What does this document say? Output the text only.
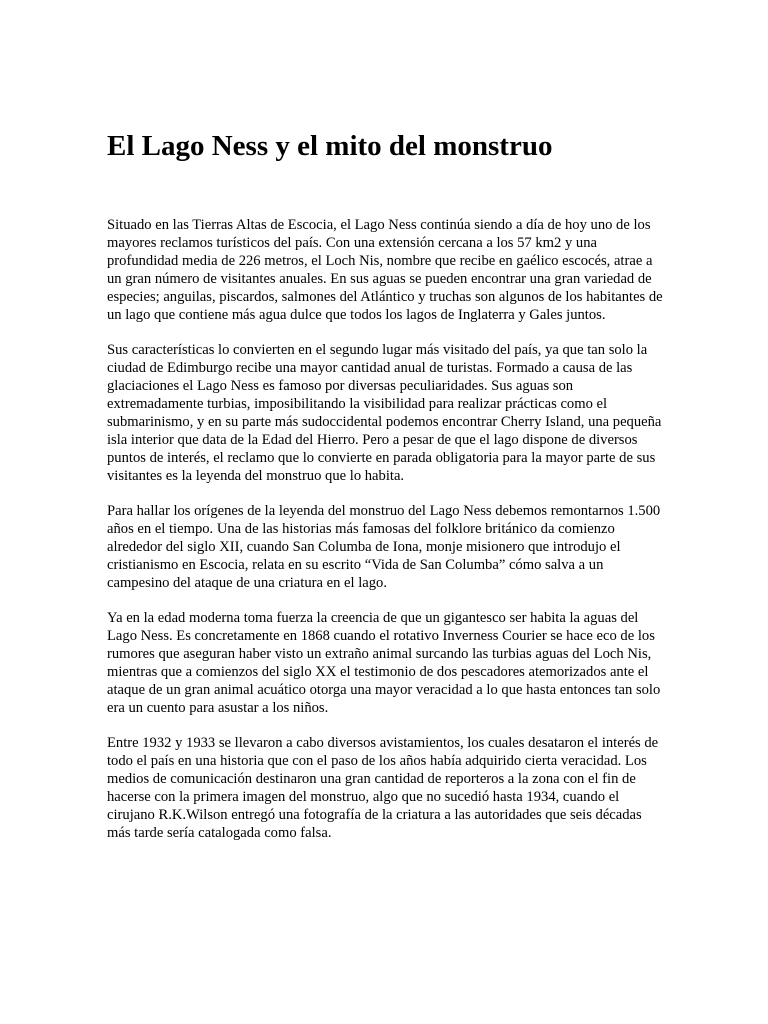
El Lago Ness y el mito del monstruo

Situado en las Tierras Altas de Escocia, el Lago Ness continúa siendo a día de hoy uno de los mayores reclamos turísticos del país. Con una extensión cercana a los 57 km2 y una profundidad media de 226 metros, el Loch Nis, nombre que recibe en gaélico escocés, atrae a un gran número de visitantes anuales. En sus aguas se pueden encontrar una gran variedad de especies; anguilas, piscardos, salmones del Atlántico y truchas son algunos de los habitantes de un lago que contiene más agua dulce que todos los lagos de Inglaterra y Gales juntos.

Sus características lo convierten en el segundo lugar más visitado del país, ya que tan solo la ciudad de Edimburgo recibe una mayor cantidad anual de turistas. Formado a causa de las glaciaciones el Lago Ness es famoso por diversas peculiaridades. Sus aguas son extremadamente turbias, imposibilitando la visibilidad para realizar prácticas como el submarinismo, y en su parte más sudoccidental podemos encontrar Cherry Island, una pequeña isla interior que data de la Edad del Hierro. Pero a pesar de que el lago dispone de diversos puntos de interés, el reclamo que lo convierte en parada obligatoria para la mayor parte de sus visitantes es la leyenda del monstruo que lo habita.

Para hallar los orígenes de la leyenda del monstruo del Lago Ness debemos remontarnos 1.500 años en el tiempo. Una de las historias más famosas del folklore británico da comienzo alrededor del siglo XII, cuando San Columba de Iona, monje misionero que introdujo el cristianismo en Escocia, relata en su escrito “Vida de San Columba” cómo salva a un campesino del ataque de una criatura en el lago.

Ya en la edad moderna toma fuerza la creencia de que un gigantesco ser habita la aguas del Lago Ness. Es concretamente en 1868 cuando el rotativo Inverness Courier se hace eco de los rumores que aseguran haber visto un extraño animal surcando las turbias aguas del Loch Nis, mientras que a comienzos del siglo XX el testimonio de dos pescadores atemorizados ante el ataque de un gran animal acuático otorga una mayor veracidad a lo que hasta entonces tan solo era un cuento para asustar a los niños.

Entre 1932 y 1933 se llevaron a cabo diversos avistamientos, los cuales desataron el interés de todo el país en una historia que con el paso de los años había adquirido cierta veracidad. Los medios de comunicación destinaron una gran cantidad de reporteros a la zona con el fin de hacerse con la primera imagen del monstruo, algo que no sucedió hasta 1934, cuando el cirujano R.K.Wilson entregó una fotografía de la criatura a las autoridades que seis décadas más tarde sería catalogada como falsa.
